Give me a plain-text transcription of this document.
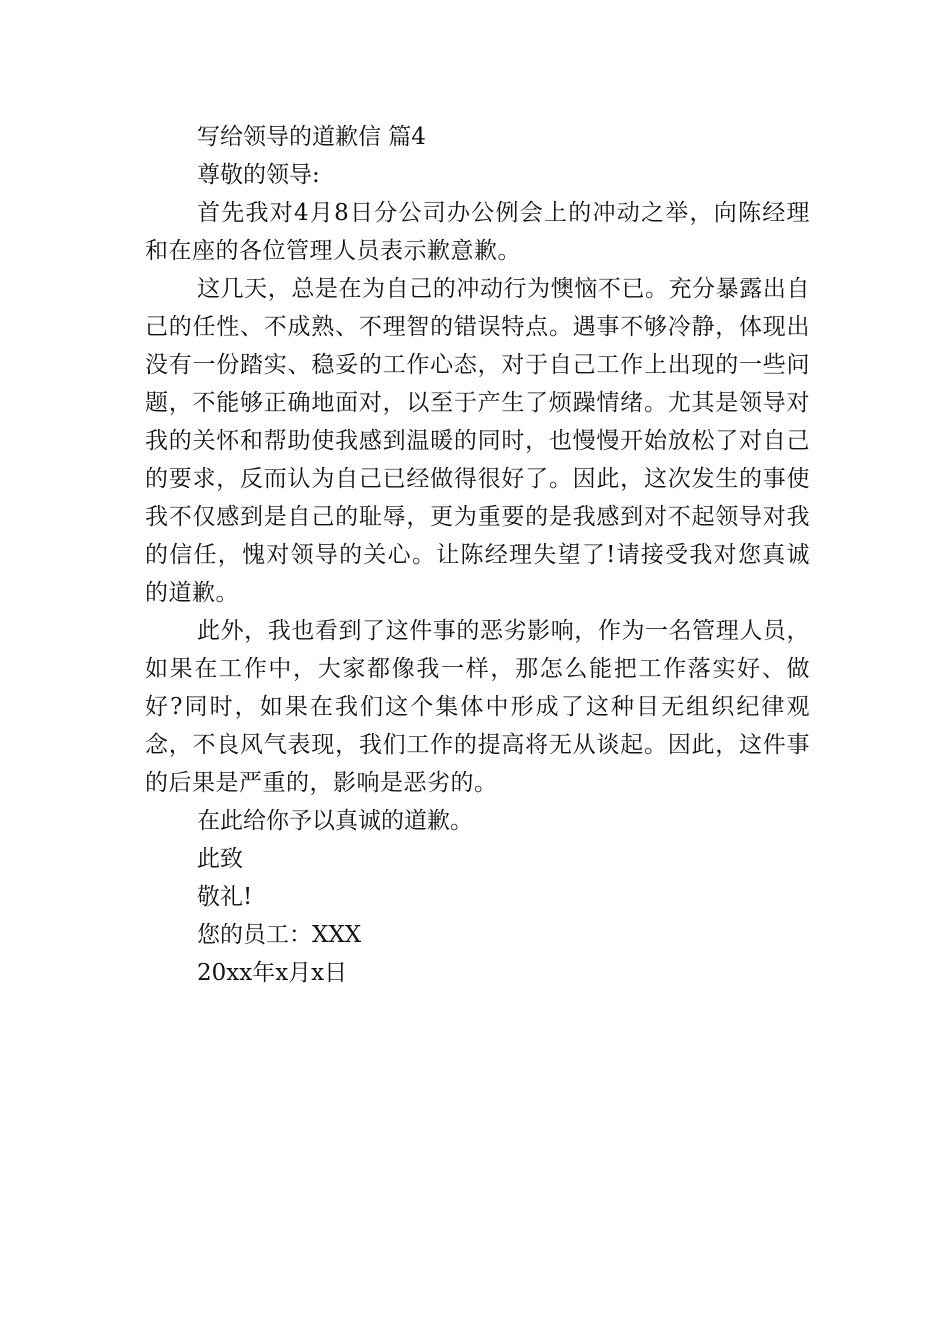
写给领导的道歉信 篇4

尊敬的领导:

首先我对4月8日分公司办公例会上的冲动之举，向陈经理和在座的各位管理人员表示歉意歉。

这几天，总是在为自己的冲动行为懊恼不已。充分暴露出自己的任性、不成熟、不理智的错误特点。遇事不够冷静，体现出没有一份踏实、稳妥的工作心态，对于自己工作上出现的一些问题，不能够正确地面对，以至于产生了烦躁情绪。尤其是领导对我的关怀和帮助使我感到温暖的同时，也慢慢开始放松了对自己的要求，反而认为自己已经做得很好了。因此，这次发生的事使我不仅感到是自己的耻辱，更为重要的是我感到对不起领导对我的信任，愧对领导的关心。让陈经理失望了!请接受我对您真诚的道歉。

此外，我也看到了这件事的恶劣影响，作为一名管理人员，如果在工作中，大家都像我一样，那怎么能把工作落实好、做好?同时，如果在我们这个集体中形成了这种目无组织纪律观念，不良风气表现，我们工作的提高将无从谈起。因此，这件事的后果是严重的，影响是恶劣的。

在此给你予以真诚的道歉。

此致

敬礼!

您的员工：XXX

20xx年x月x日
